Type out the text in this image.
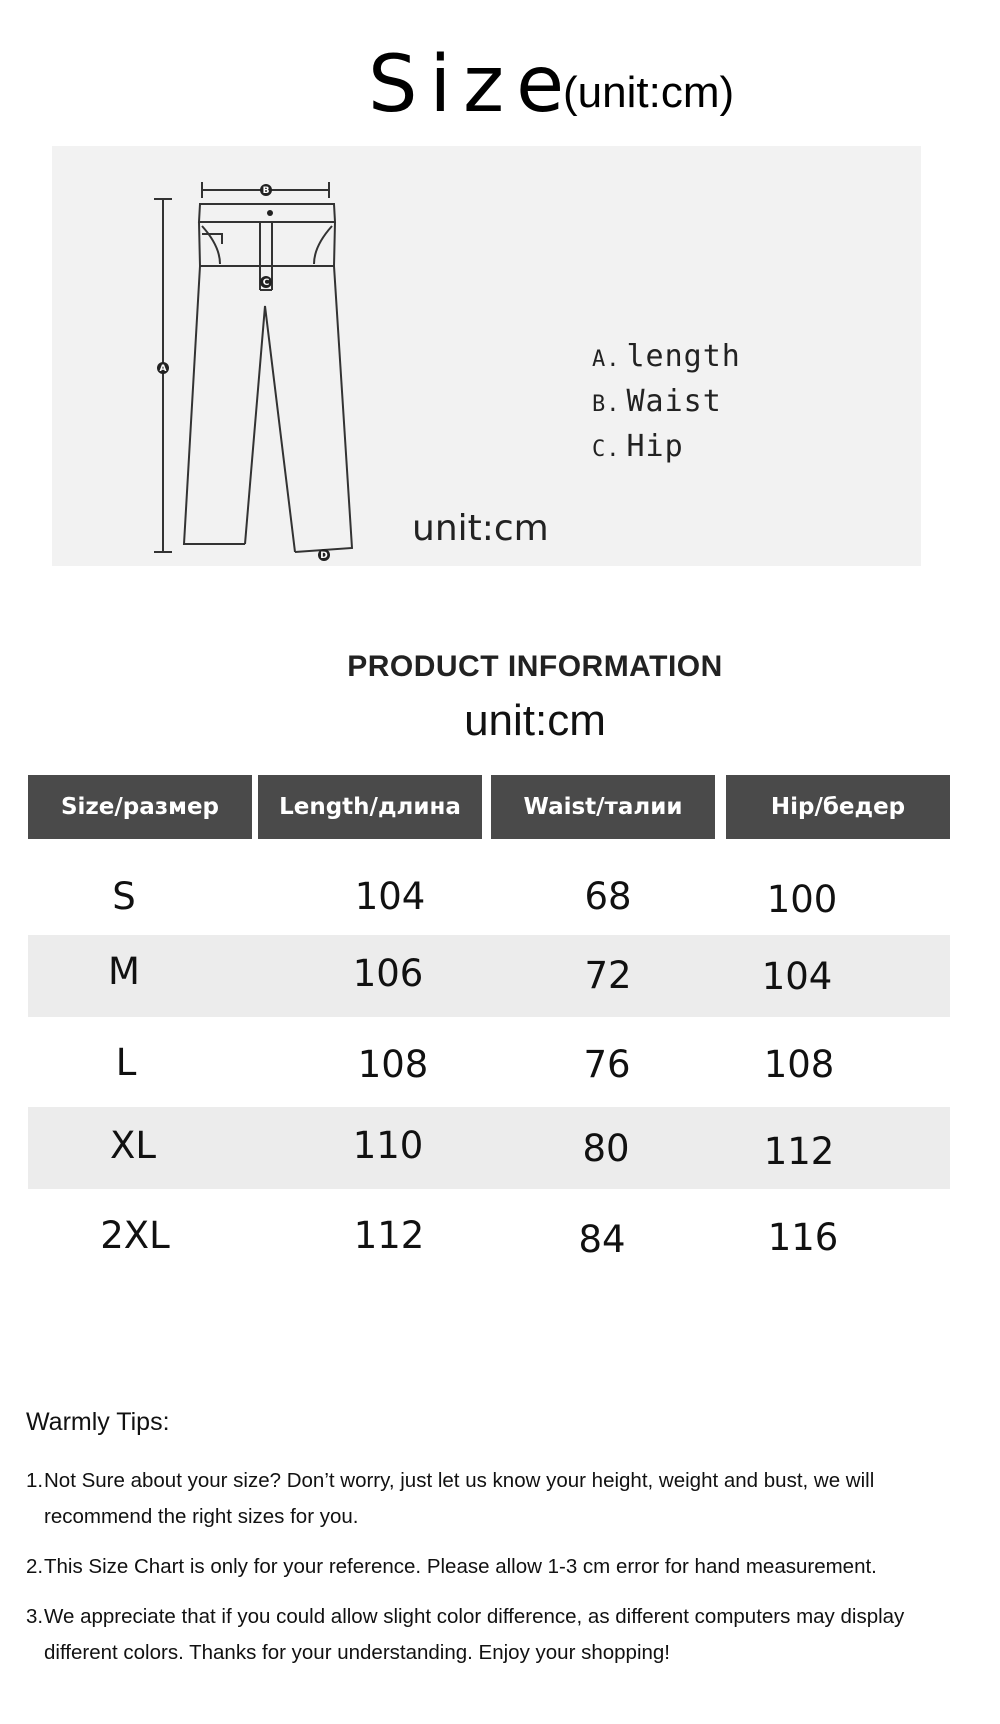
Size
(unit:cm)
B
A
C
D
A. length
B. Waist
C. Hip
unit:cm
PRODUCT INFORMATION
unit:cm
Size/размер	Length/длина	Waist/талии	Hip/бедер
S	104	68	100
M	106	72	104
L	108	76	108
XL	110	80	112
2XL	112	84	116
Warmly Tips:
1. Not Sure about your size? Don’t worry, just let us know your height, weight and bust, we will recommend the right sizes for you.
2. This Size Chart is only for your reference. Please allow 1-3 cm error for hand measurement.
3. We appreciate that if you could allow slight color difference, as different computers may display different colors. Thanks for your understanding. Enjoy your shopping!
